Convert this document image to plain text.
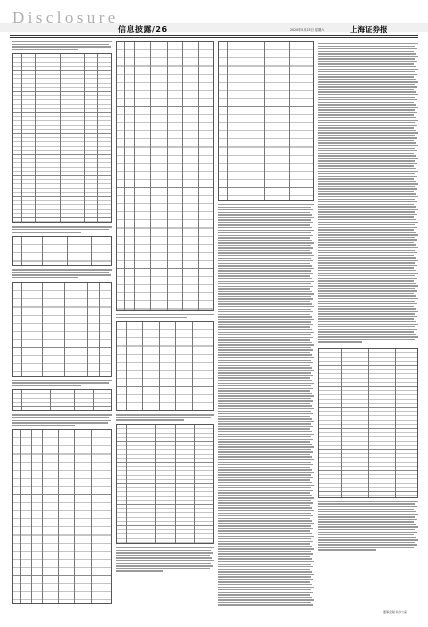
Disclosure
信息披露/26	2020年5月23日 星期六	上海证券报
董事会秘书办公室
